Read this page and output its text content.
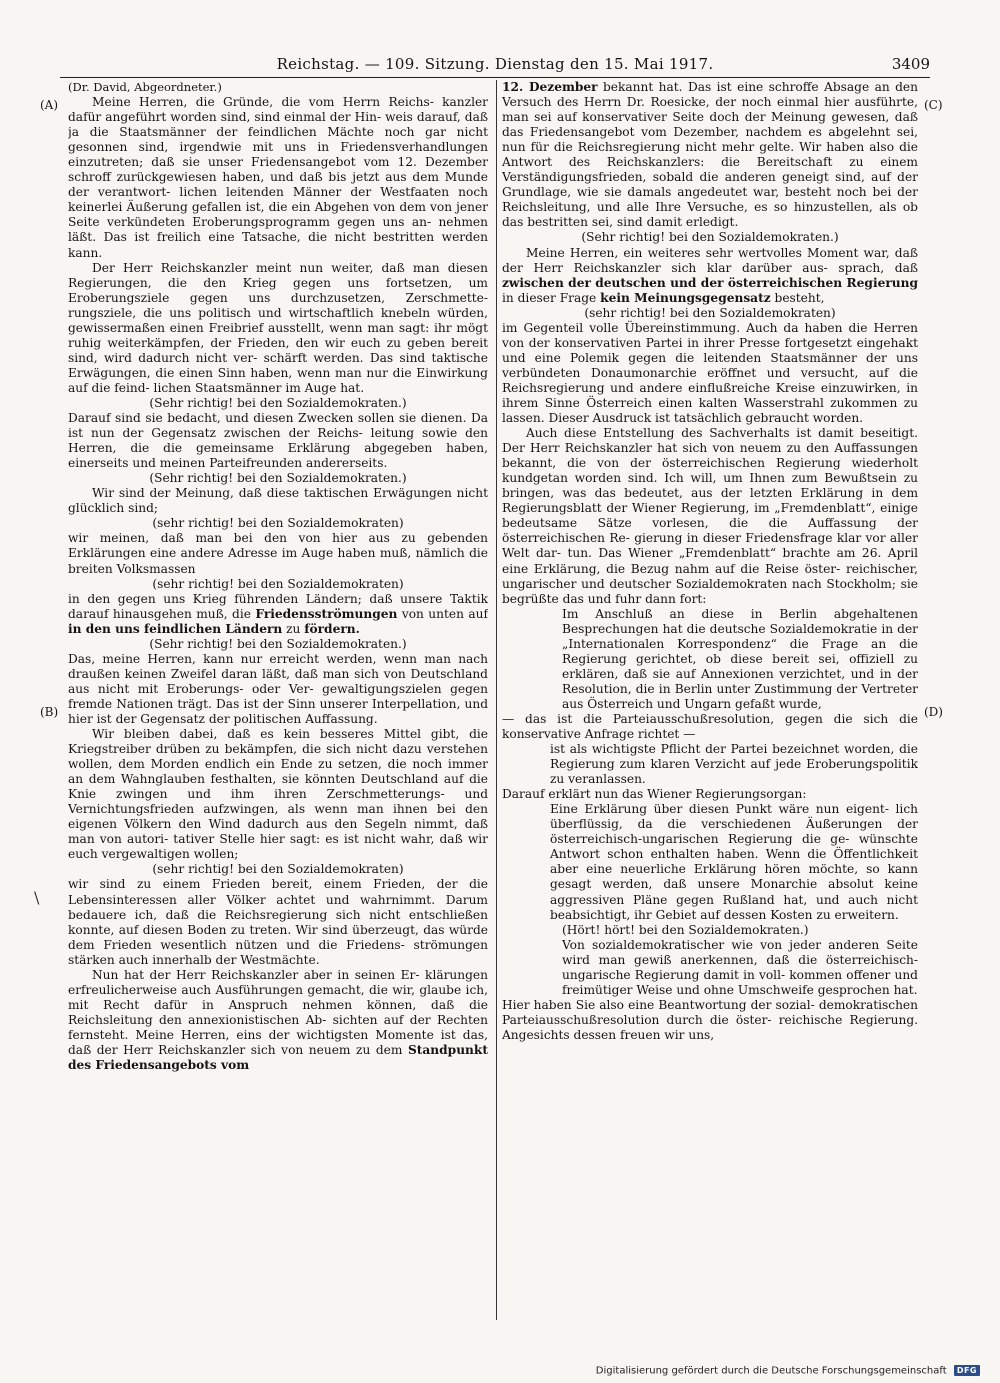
Reichstag. — 109. Sitzung. Dienstag den 15. Mai 1917.	3409
(A)
(B)
(C)
(D)
\

(Dr. David, Abgeordneter.)

Meine Herren, die Gründe, die vom Herrn Reichs- kanzler dafür angeführt worden sind, sind einmal der Hin- weis darauf, daß ja die Staatsmänner der feindlichen Mächte noch gar nicht gesonnen sind, irgendwie mit uns in Friedensverhandlungen einzutreten; daß sie unser Friedensangebot vom 12. Dezember schroff zurückgewiesen haben, und daß bis jetzt aus dem Munde der verantwort- lichen leitenden Männer der Westfaaten noch keinerlei Äußerung gefallen ist, die ein Abgehen von dem von jener Seite verkündeten Eroberungsprogramm gegen uns an- nehmen läßt. Das ist freilich eine Tatsache, die nicht bestritten werden kann.

Der Herr Reichskanzler meint nun weiter, daß man diesen Regierungen, die den Krieg gegen uns fortsetzen, um Eroberungsziele gegen uns durchzusetzen, Zerschmette- rungsziele, die uns politisch und wirtschaftlich knebeln würden, gewissermaßen einen Freibrief ausstellt, wenn man sagt: ihr mögt ruhig weiterkämpfen, der Frieden, den wir euch zu geben bereit sind, wird dadurch nicht ver- schärft werden. Das sind taktische Erwägungen, die einen Sinn haben, wenn man nur die Einwirkung auf die feind- lichen Staatsmänner im Auge hat.

(Sehr richtig! bei den Sozialdemokraten.)

Darauf sind sie bedacht, und diesen Zwecken sollen sie dienen. Da ist nun der Gegensatz zwischen der Reichs- leitung sowie den Herren, die die gemeinsame Erklärung abgegeben haben, einerseits und meinen Parteifreunden andererseits.

(Sehr richtig! bei den Sozialdemokraten.)

Wir sind der Meinung, daß diese taktischen Erwägungen nicht glücklich sind;

(sehr richtig! bei den Sozialdemokraten)

wir meinen, daß man bei den von hier aus zu gebenden Erklärungen eine andere Adresse im Auge haben muß, nämlich die breiten Volksmassen

(sehr richtig! bei den Sozialdemokraten)

in den gegen uns Krieg führenden Ländern; daß unsere Taktik darauf hinausgehen muß, die Friedensströmungen von unten auf in den uns feindlichen Ländern zu fördern.

(Sehr richtig! bei den Sozialdemokraten.)

Das, meine Herren, kann nur erreicht werden, wenn man nach draußen keinen Zweifel daran läßt, daß man sich von Deutschland aus nicht mit Eroberungs- oder Ver- gewaltigungszielen gegen fremde Nationen trägt. Das ist der Sinn unserer Interpellation, und hier ist der Gegensatz der politischen Auffassung.

Wir bleiben dabei, daß es kein besseres Mittel gibt, die Kriegstreiber drüben zu bekämpfen, die sich nicht dazu verstehen wollen, dem Morden endlich ein Ende zu setzen, die noch immer an dem Wahnglauben festhalten, sie könnten Deutschland auf die Knie zwingen und ihm ihren Zerschmetterungs- und Vernichtungsfrieden aufzwingen, als wenn man ihnen bei den eigenen Völkern den Wind dadurch aus den Segeln nimmt, daß man von autori- tativer Stelle hier sagt: es ist nicht wahr, daß wir euch vergewaltigen wollen;

(sehr richtig! bei den Sozialdemokraten)

wir sind zu einem Frieden bereit, einem Frieden, der die Lebensinteressen aller Völker achtet und wahrnimmt. Darum bedauere ich, daß die Reichsregierung sich nicht entschließen konnte, auf diesen Boden zu treten. Wir sind überzeugt, das würde dem Frieden wesentlich nützen und die Friedens- strömungen stärken auch innerhalb der Westmächte.

Nun hat der Herr Reichskanzler aber in seinen Er- klärungen erfreulicherweise auch Ausführungen gemacht, die wir, glaube ich, mit Recht dafür in Anspruch nehmen können, daß die Reichsleitung den annexionistischen Ab- sichten auf der Rechten fernsteht. Meine Herren, eins der wichtigsten Momente ist das, daß der Herr Reichskanzler sich von neuem zu dem Standpunkt des Friedensangebots vom

12. Dezember bekannt hat. Das ist eine schroffe Absage an den Versuch des Herrn Dr. Roesicke, der noch einmal hier ausführte, man sei auf konservativer Seite doch der Meinung gewesen, daß das Friedensangebot vom Dezember, nachdem es abgelehnt sei, nun für die Reichsregierung nicht mehr gelte. Wir haben also die Antwort des Reichskanzlers: die Bereitschaft zu einem Verständigungsfrieden, sobald die anderen geneigt sind, auf der Grundlage, wie sie damals angedeutet war, besteht noch bei der Reichsleitung, und alle Ihre Versuche, es so hinzustellen, als ob das bestritten sei, sind damit erledigt.

(Sehr richtig! bei den Sozialdemokraten.)

Meine Herren, ein weiteres sehr wertvolles Moment war, daß der Herr Reichskanzler sich klar darüber aus- sprach, daß zwischen der deutschen und der österreichischen Regierung in dieser Frage kein Meinungsgegensatz besteht,

(sehr richtig! bei den Sozialdemokraten)

im Gegenteil volle Übereinstimmung. Auch da haben die Herren von der konservativen Partei in ihrer Presse fortgesetzt eingehakt und eine Polemik gegen die leitenden Staatsmänner der uns verbündeten Donaumonarchie eröffnet und versucht, auf die Reichsregierung und andere einflußreiche Kreise einzuwirken, in ihrem Sinne Österreich einen kalten Wasserstrahl zukommen zu lassen. Dieser Ausdruck ist tatsächlich gebraucht worden.

Auch diese Entstellung des Sachverhalts ist damit beseitigt. Der Herr Reichskanzler hat sich von neuem zu den Auffassungen bekannt, die von der österreichischen Regierung wiederholt kundgetan worden sind. Ich will, um Ihnen zum Bewußtsein zu bringen, was das bedeutet, aus der letzten Erklärung in dem Regierungsblatt der Wiener Regierung, im „Fremdenblatt“, einige bedeutsame Sätze vorlesen, die die Auffassung der österreichischen Re- gierung in dieser Friedensfrage klar vor aller Welt dar- tun. Das Wiener „Fremdenblatt“ brachte am 26. April eine Erklärung, die Bezug nahm auf die Reise öster- reichischer, ungarischer und deutscher Sozialdemokraten nach Stockholm; sie begrüßte das und fuhr dann fort:

Im Anschluß an diese in Berlin abgehaltenen Besprechungen hat die deutsche Sozialdemokratie in der „Internationalen Korrespondenz“ die Frage an die Regierung gerichtet, ob diese bereit sei, offiziell zu erklären, daß sie auf Annexionen verzichtet, und in der Resolution, die in Berlin unter Zustimmung der Vertreter aus Österreich und Ungarn gefaßt wurde,

— das ist die Parteiausschußresolution, gegen die sich die konservative Anfrage richtet —

ist als wichtigste Pflicht der Partei bezeichnet worden, die Regierung zum klaren Verzicht auf jede Eroberungspolitik zu veranlassen.

Darauf erklärt nun das Wiener Regierungsorgan:

Eine Erklärung über diesen Punkt wäre nun eigent- lich überflüssig, da die verschiedenen Äußerungen der österreichisch-ungarischen Regierung die ge- wünschte Antwort schon enthalten haben. Wenn die Öffentlichkeit aber eine neuerliche Erklärung hören möchte, so kann gesagt werden, daß unsere Monarchie absolut keine aggressiven Pläne gegen Rußland hat, und auch nicht beabsichtigt, ihr Gebiet auf dessen Kosten zu erweitern.

(Hört! hört! bei den Sozialdemokraten.)

Von sozialdemokratischer wie von jeder anderen Seite wird man gewiß anerkennen, daß die österreichisch-ungarische Regierung damit in voll- kommen offener und freimütiger Weise und ohne Umschweife gesprochen hat.

Hier haben Sie also eine Beantwortung der sozial- demokratischen Parteiausschußresolution durch die öster- reichische Regierung. Angesichts dessen freuen wir uns,

Digitalisierung gefördert durch die Deutsche Forschungsgemeinschaft DFG
